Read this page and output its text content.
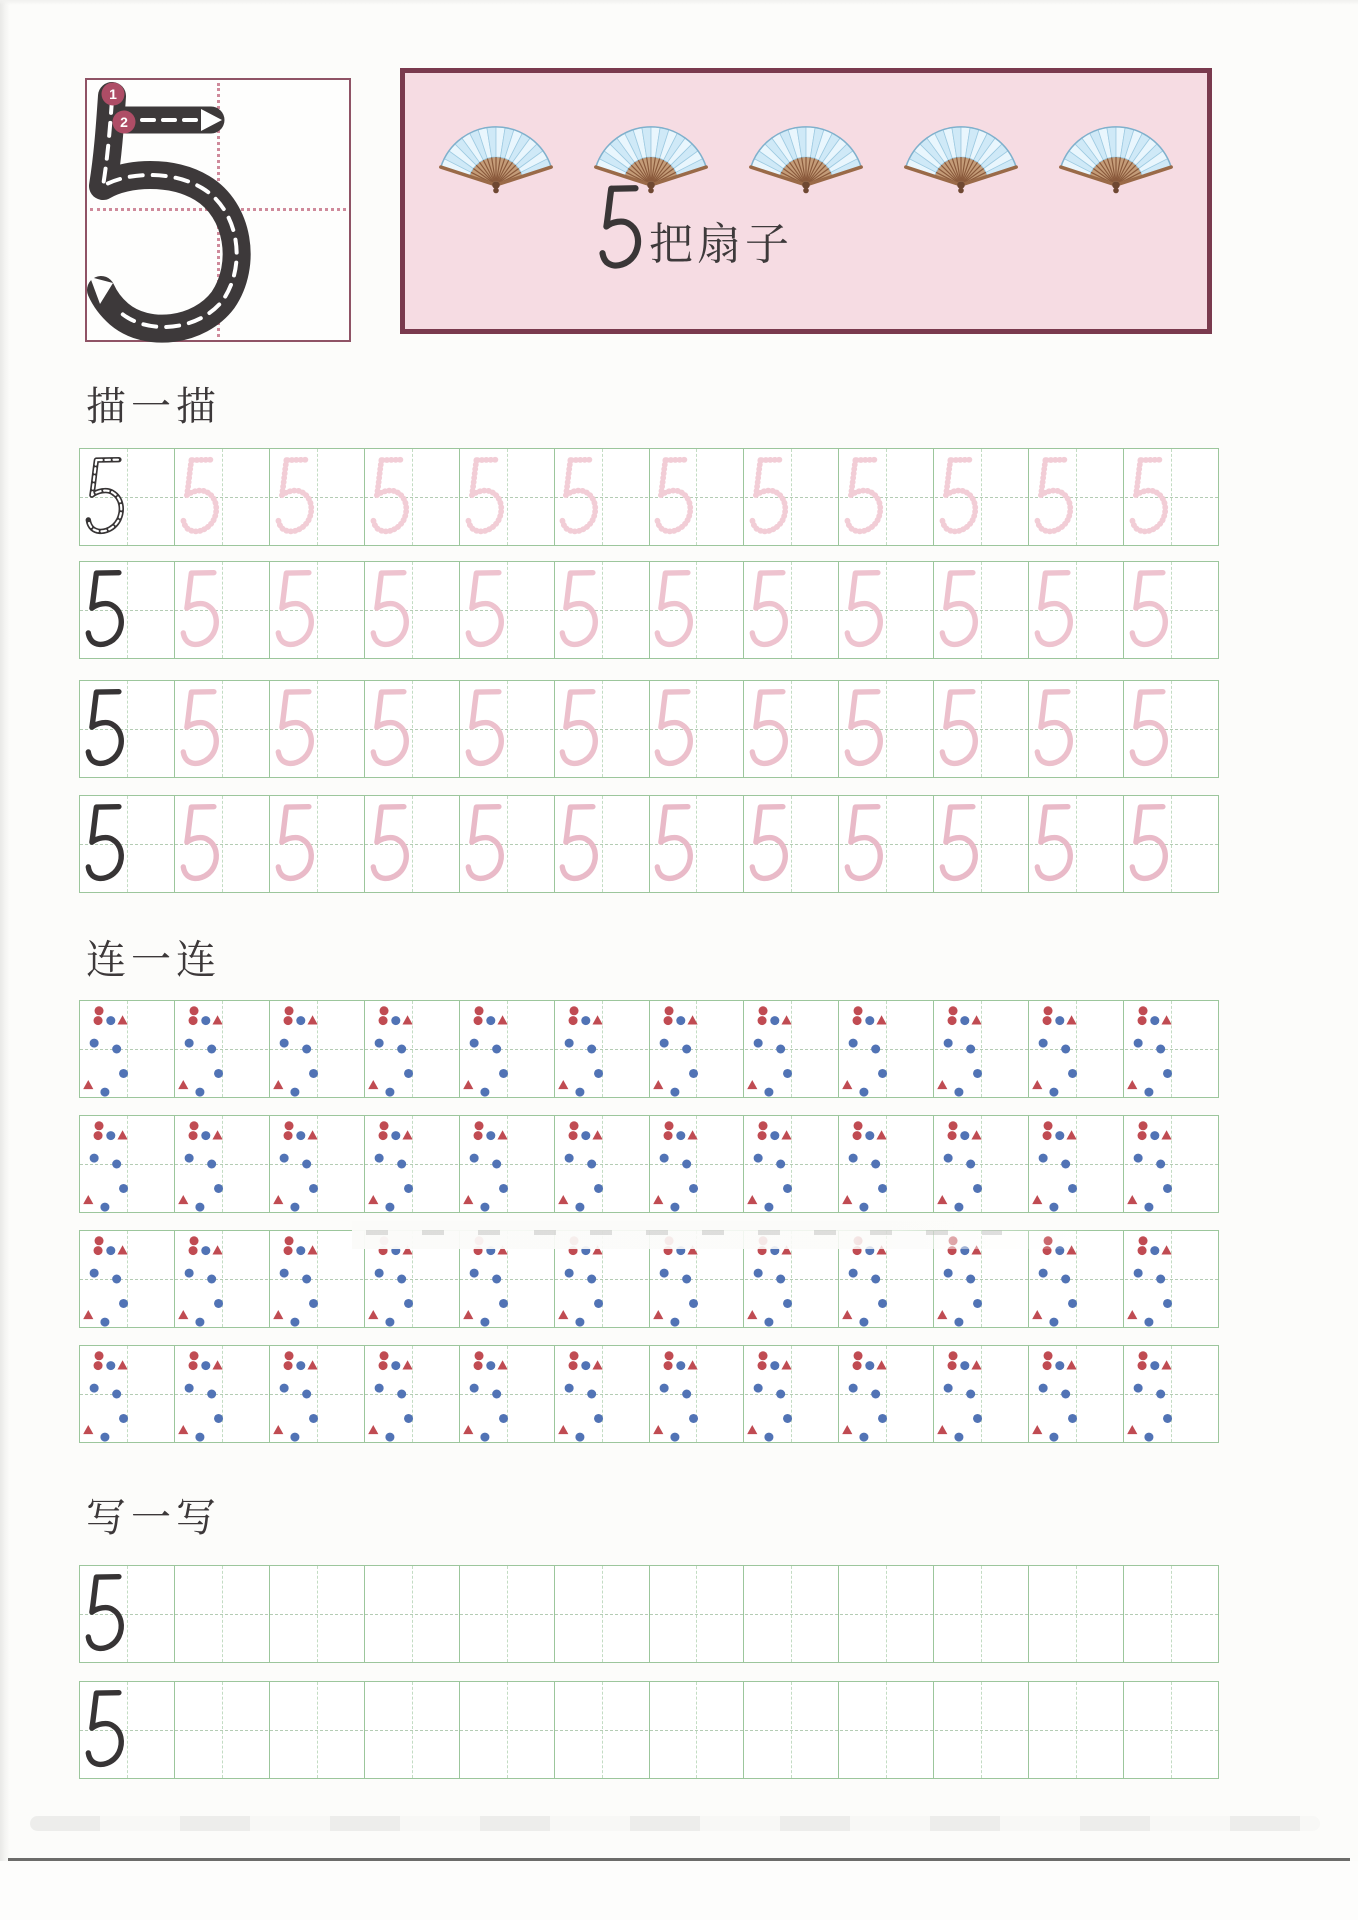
1
2
把扇子
描一描
连一连
写一写
